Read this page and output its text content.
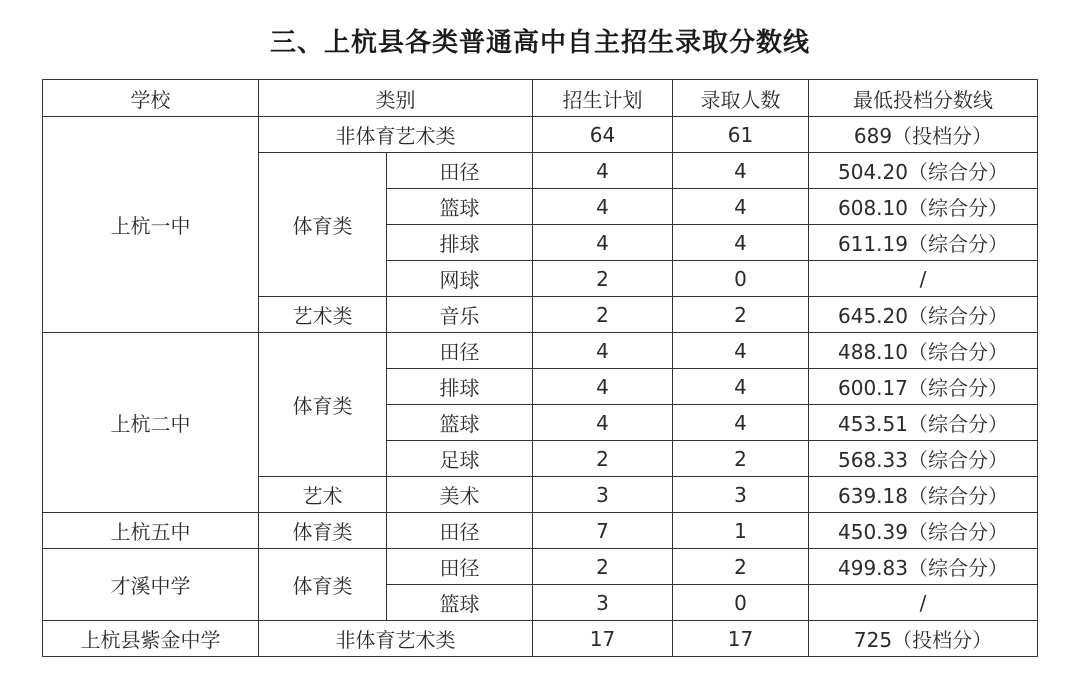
三、上杭县各类普通高中自主招生录取分数线
学校	类别		招生计划	录取人数	最低投档分数线
上杭一中	非体育艺术类		64	61	689（投档分）
	体育类	田径	4	4	504.20（综合分）
		篮球	4	4	608.10（综合分）
		排球	4	4	611.19（综合分）
		网球	2	0	/
	艺术类	音乐	2	2	645.20（综合分）
上杭二中	体育类	田径	4	4	488.10（综合分）
		排球	4	4	600.17（综合分）
		篮球	4	4	453.51（综合分）
		足球	2	2	568.33（综合分）
	艺术	美术	3	3	639.18（综合分）
上杭五中	体育类	田径	7	1	450.39（综合分）
才溪中学	体育类	田径	2	2	499.83（综合分）
		篮球	3	0	/
上杭县紫金中学	非体育艺术类		17	17	725（投档分）
